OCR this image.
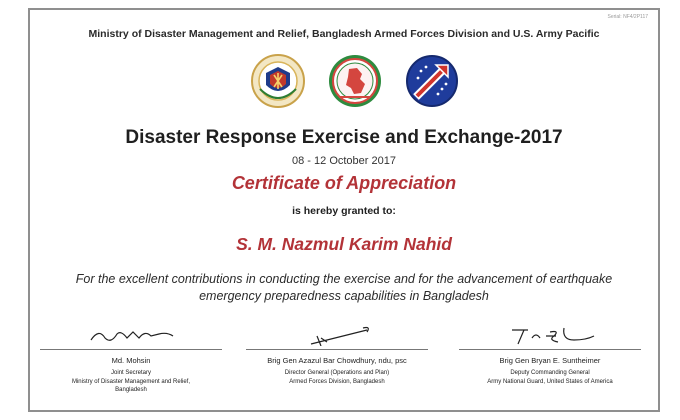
Serial: NF4/2P117
Ministry of Disaster Management and Relief, Bangladesh Armed Forces Division and U.S. Army Pacific
Disaster Response Exercise and Exchange-2017
08 - 12 October 2017
Certificate of Appreciation
is hereby granted to:
S. M. Nazmul Karim Nahid
For the excellent contributions in conducting the exercise and for the advancement of earthquake emergency preparedness capabilities in Bangladesh
Md. Mohsin
Joint Secretary
Ministry of Disaster Management and Relief,
Bangladesh
Brig Gen Azazul Bar Chowdhury, ndu, psc
Director General (Operations and Plan)
Armed Forces Division, Bangladesh
Brig Gen Bryan E. Suntheimer
Deputy Commanding General
Army National Guard, United States of America
